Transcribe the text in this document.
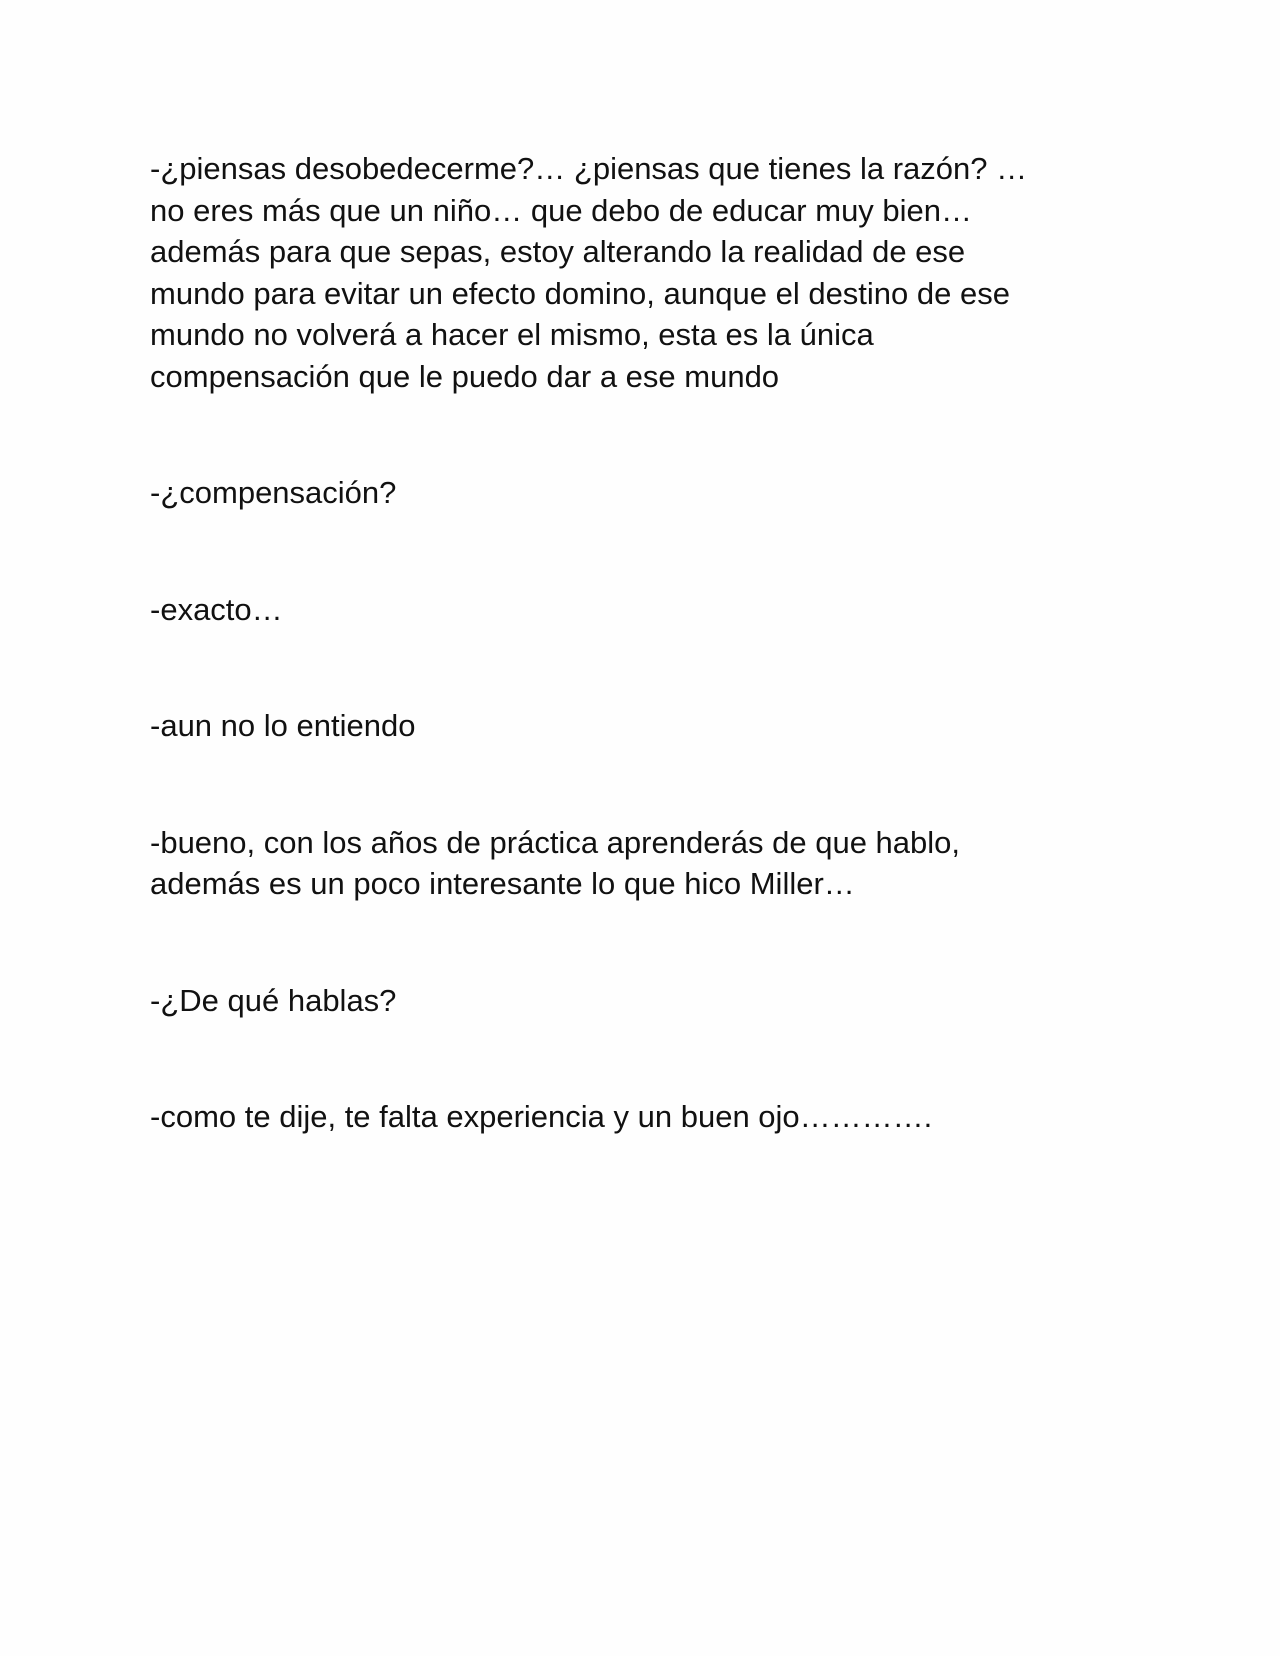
-¿piensas desobedecerme?… ¿piensas que tienes la razón? …
no eres más que un niño… que debo de educar muy bien…
además para que sepas, estoy alterando la realidad de ese
mundo para evitar un efecto domino, aunque el destino de ese
mundo no volverá a hacer el mismo, esta es la única
compensación que le puedo dar a ese mundo

-¿compensación?

-exacto…

-aun no lo entiendo

-bueno, con los años de práctica aprenderás de que hablo,
además es un poco interesante lo que hico Miller…

-¿De qué hablas?

-como te dije, te falta experiencia y un buen ojo………….
